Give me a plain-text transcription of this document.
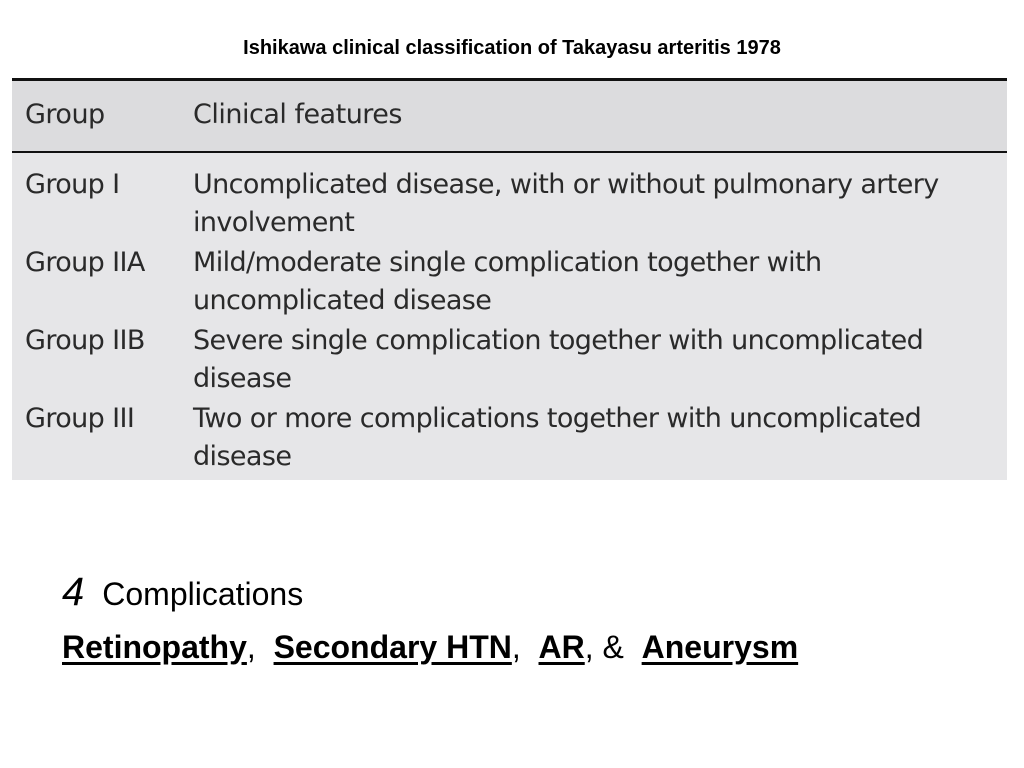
Ishikawa clinical classification of Takayasu arteritis 1978
Group	Clinical features
Group I	Uncomplicated disease, with or without pulmonary artery
involvement
Group IIA Mild/moderate single complication together with
uncomplicated disease
Group IIB Severe single complication together with uncomplicated
disease
Group III Two or more complications together with uncomplicated
disease
4 Complications
Retinopathy,  Secondary HTN,  AR, &  Aneurysm
